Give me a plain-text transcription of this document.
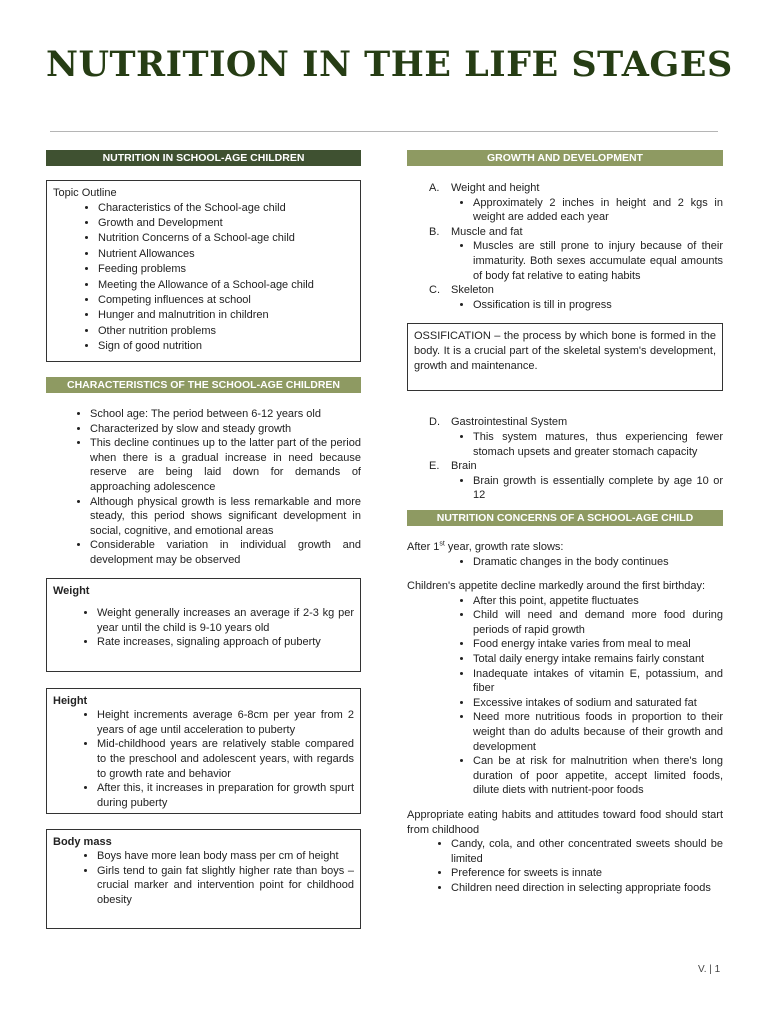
NUTRITION IN THE LIFE STAGES
NUTRITION IN SCHOOL-AGE CHILDREN

Topic Outline

• Characteristics of the School-age child
• Growth and Development
• Nutrition Concerns of a School-age child
• Nutrient Allowances
• Feeding problems
• Meeting the Allowance of a School-age child
• Competing influences at school
• Hunger and malnutrition in children
• Other nutrition problems
• Sign of good nutrition
CHARACTERISTICS OF THE SCHOOL-AGE CHILDREN
• School age: The period between 6-12 years old
• Characterized by slow and steady growth
• This decline continues up to the latter part of the period when there is a gradual increase in need because reserve are being laid down for demands of approaching adolescence
• Although physical growth is less remarkable and more steady, this period shows significant development in social, cognitive, and emotional areas
• Considerable variation in individual growth and development may be observed

Weight

• Weight generally increases an average if 2-3 kg per year until the child is 9-10 years old
• Rate increases, signaling approach of puberty

Height

• Height increments average 6-8cm per year from 2 years of age until acceleration to puberty
• Mid-childhood years are relatively stable compared to the preschool and adolescent years, with regards to growth rate and behavior
• After this, it increases in preparation for growth spurt during puberty

Body mass

• Boys have more lean body mass per cm of height
• Girls tend to gain fat slightly higher rate than boys – crucial marker and intervention point for childhood obesity
GROWTH AND DEVELOPMENT
A.	Weight and height
• Approximately 2 inches in height and 2 kgs in weight are added each year
B.	Muscle and fat
• Muscles are still prone to injury because of their immaturity. Both sexes accumulate equal amounts of body fat relative to eating habits
C.	Skeleton
• Ossification is till in progress

OSSIFICATION – the process by which bone is formed in the body. It is a crucial part of the skeletal system's development, growth and maintenance.

D.	Gastrointestinal System
• This system matures, thus experiencing fewer stomach upsets and greater stomach capacity
E.	Brain
• Brain growth is essentially complete by age 10 or 12
NUTRITION CONCERNS OF A SCHOOL-AGE CHILD

After 1st year, growth rate slows:

• Dramatic changes in the body continues

Children's appetite decline markedly around the first birthday:

• After this point, appetite fluctuates
• Child will need and demand more food during periods of rapid growth
• Food energy intake varies from meal to meal
• Total daily energy intake remains fairly constant
• Inadequate intakes of vitamin E, potassium, and fiber
• Excessive intakes of sodium and saturated fat
• Need more nutritious foods in proportion to their weight than do adults because of their growth and development
• Can be at risk for malnutrition when there's long duration of poor appetite, accept limited foods, dilute diets with nutrient-poor foods

Appropriate eating habits and attitudes toward food should start from childhood

• Candy, cola, and other concentrated sweets should be limited
• Preference for sweets is innate
• Children need direction in selecting appropriate foods
V. | 1
